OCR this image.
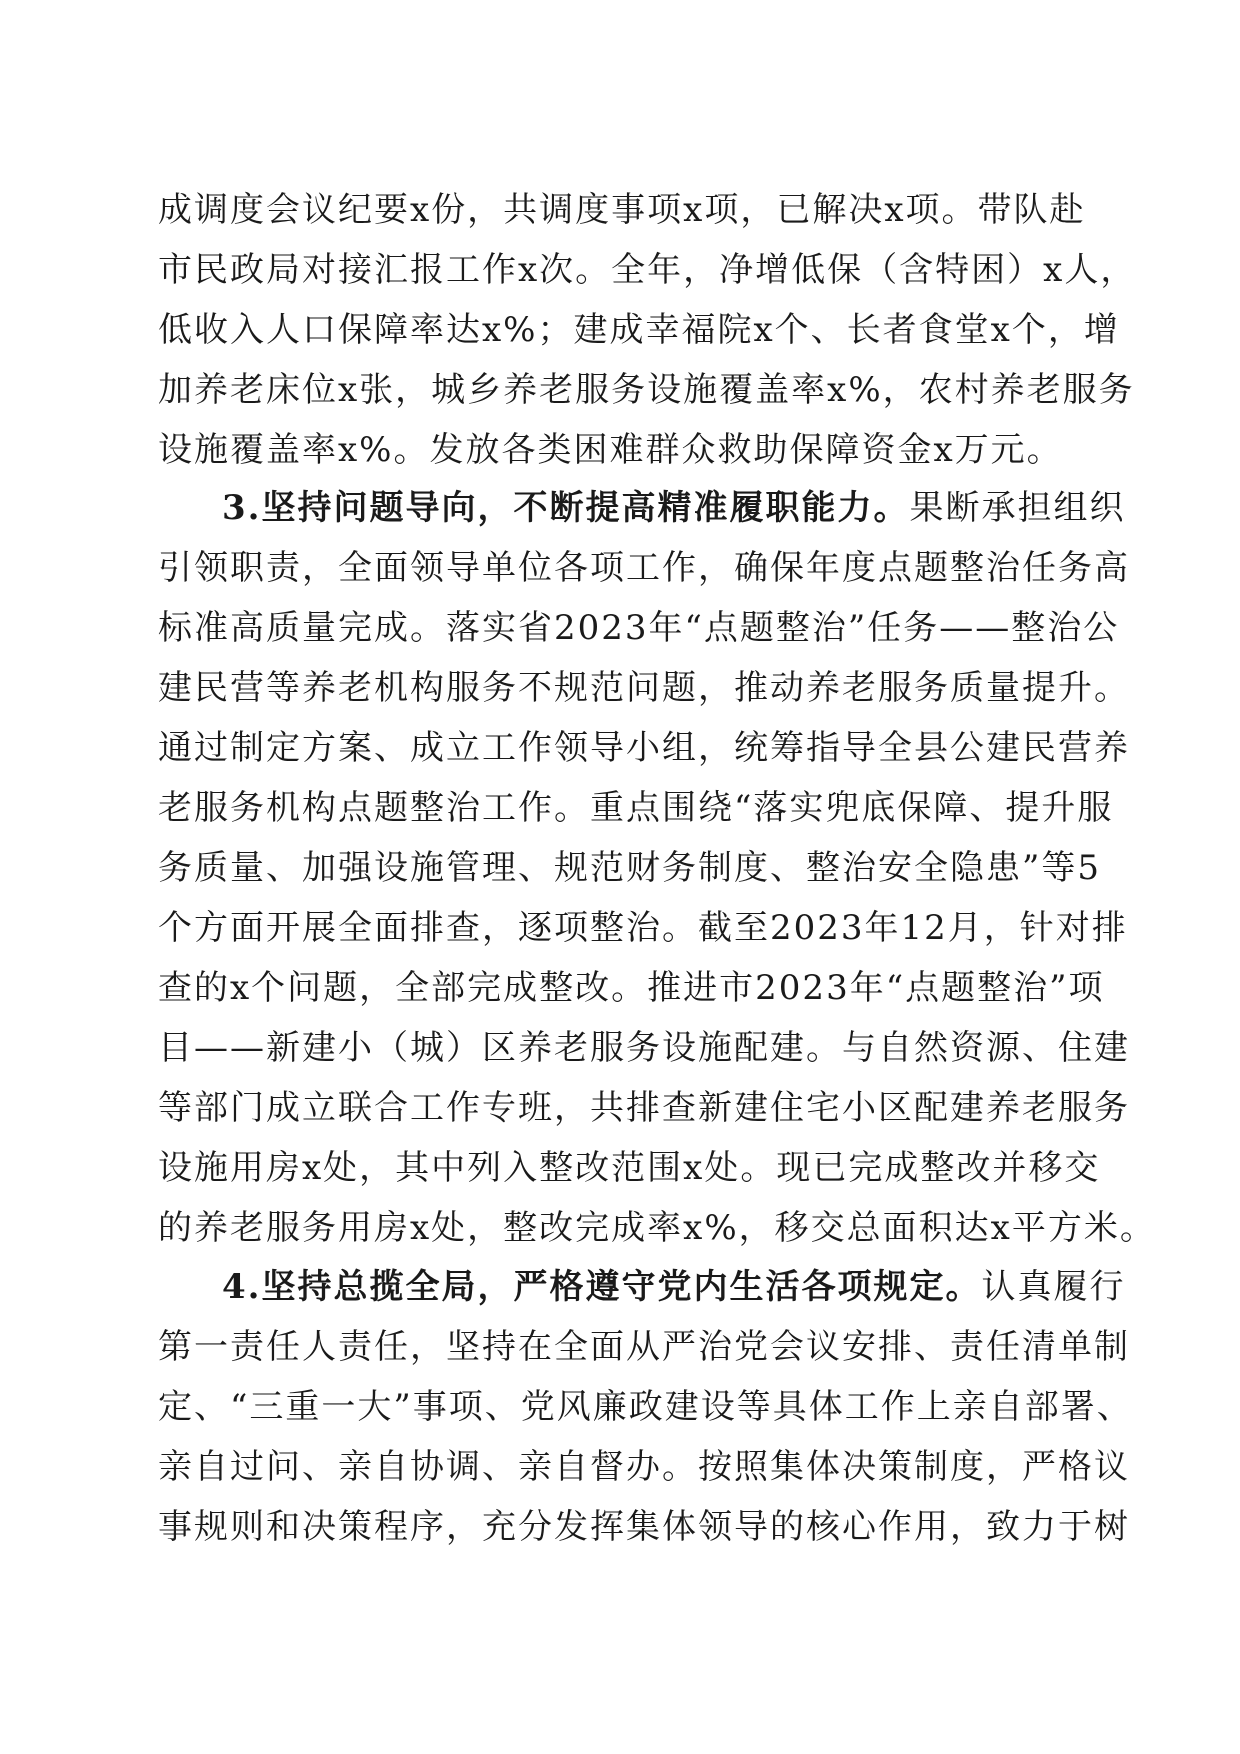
成调度会议纪要x份，共调度事项x项，已解决x项。带队赴
市民政局对接汇报工作x次。全年，净增低保（含特困）x人，
低收入人口保障率达x%；建成幸福院x个、长者食堂x个，增
加养老床位x张，城乡养老服务设施覆盖率x%，农村养老服务
设施覆盖率x%。发放各类困难群众救助保障资金x万元。
3.坚持问题导向，不断提高精准履职能力。果断承担组织
引领职责，全面领导单位各项工作，确保年度点题整治任务高
标准高质量完成。落实省2023年“点题整治”任务——整治公
建民营等养老机构服务不规范问题，推动养老服务质量提升。
通过制定方案、成立工作领导小组，统筹指导全县公建民营养
老服务机构点题整治工作。重点围绕“落实兜底保障、提升服
务质量、加强设施管理、规范财务制度、整治安全隐患”等5
个方面开展全面排查，逐项整治。截至2023年12月，针对排
查的x个问题，全部完成整改。推进市2023年“点题整治”项
目——新建小（城）区养老服务设施配建。与自然资源、住建
等部门成立联合工作专班，共排查新建住宅小区配建养老服务
设施用房x处，其中列入整改范围x处。现已完成整改并移交
的养老服务用房x处，整改完成率x%，移交总面积达x平方米。
4.坚持总揽全局，严格遵守党内生活各项规定。认真履行
第一责任人责任，坚持在全面从严治党会议安排、责任清单制
定、“三重一大”事项、党风廉政建设等具体工作上亲自部署、
亲自过问、亲自协调、亲自督办。按照集体决策制度，严格议
事规则和决策程序，充分发挥集体领导的核心作用，致力于树
